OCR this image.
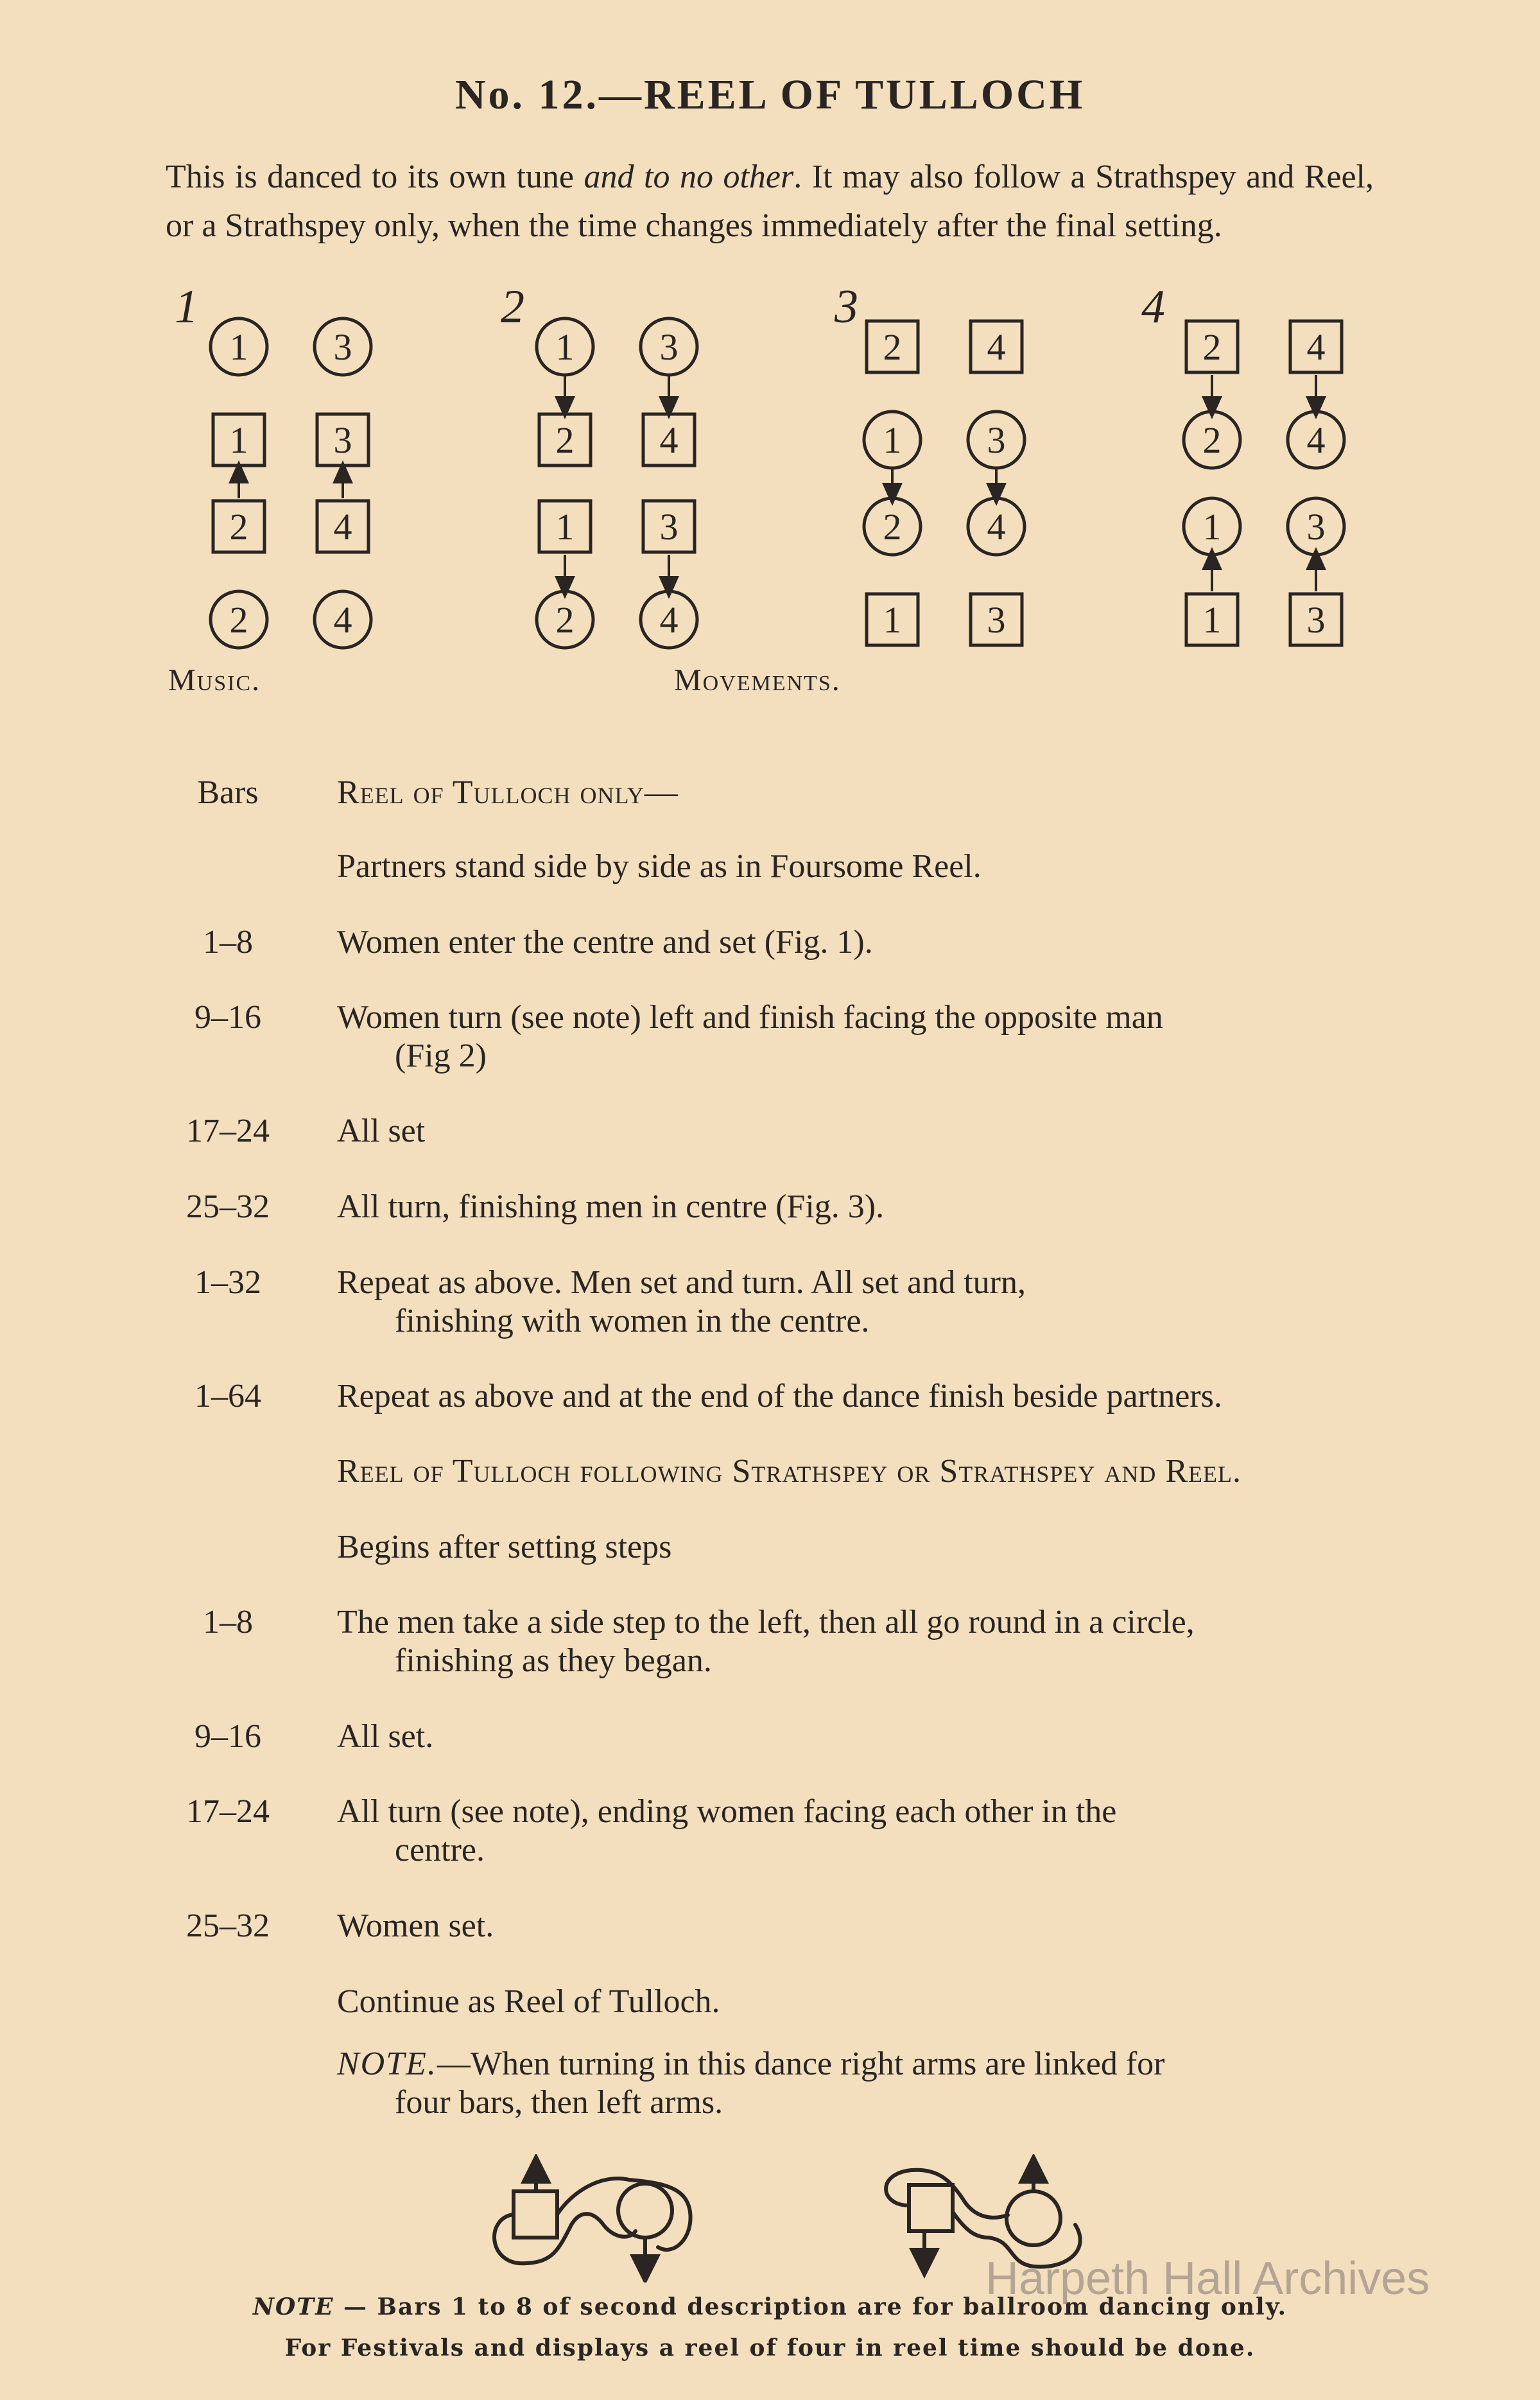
No. 12.—REEL OF TULLOCH
This is danced to its own tune and to no other. It may also follow a Strathspey and Reel, or a Strathspey only, when the time changes immediately after the final setting.
1
1 3
1 3
2 4
2 4
2
1 3
2 4
1 3
2 4
3
2 4
1 3
2 4
1 3
4
2 4
2 4
1 3
1 3
Music.	Movements.
Bars	Reel of Tulloch only—
Partners stand side by side as in Foursome Reel.
1–8	Women enter the centre and set (Fig. 1).
9–16	Women turn (see note) left and finish facing the opposite man
(Fig 2)
17–24	All set
25–32	All turn, finishing men in centre (Fig. 3).
1–32	Repeat as above. Men set and turn. All set and turn,
finishing with women in the centre.
1–64	Repeat as above and at the end of the dance finish beside partners.
Reel of Tulloch following Strathspey or Strathspey and Reel.
Begins after setting steps
1–8	The men take a side step to the left, then all go round in a circle,
finishing as they began.
9–16	All set.
17–24	All turn (see note), ending women facing each other in the
centre.
25–32	Women set.
Continue as Reel of Tulloch.
NOTE.—When turning in this dance right arms are linked for
four bars, then left arms.
NOTE — Bars 1 to 8 of second description are for ballroom dancing only.
For Festivals and displays a reel of four in reel time should be done.
Harpeth Hall Archives
